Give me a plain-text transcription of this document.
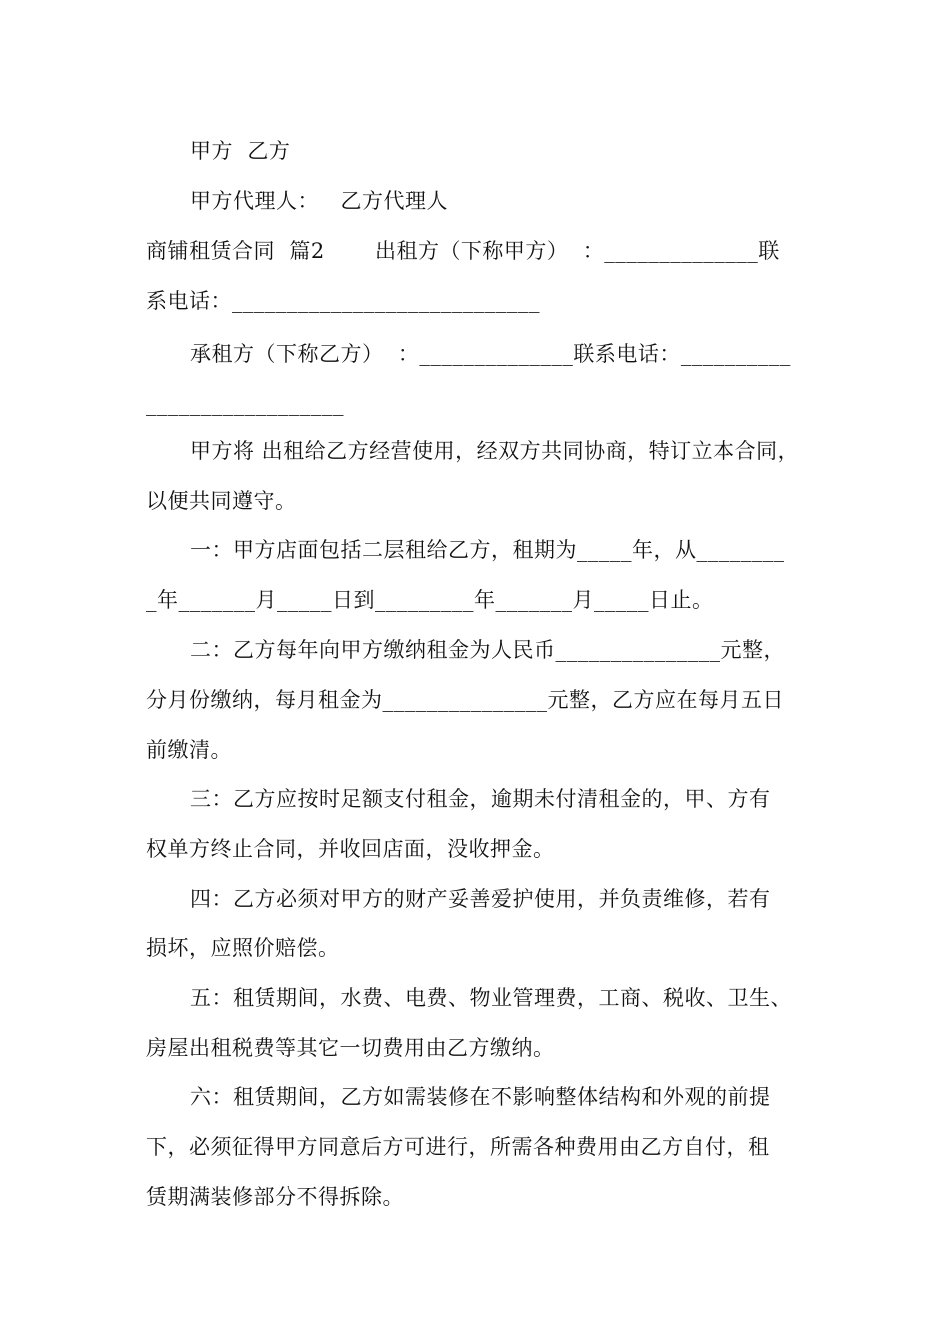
甲方  乙方
甲方代理人：   乙方代理人
商铺租赁合同  篇2       出租方（下称甲方）  ：______________联
系电话：____________________________
承租方（下称乙方）  ：______________联系电话：__________
__________________
甲方将 出租给乙方经营使用，经双方共同协商，特订立本合同，
以便共同遵守。
一：甲方店面包括二层租给乙方，租期为_____年，从________
_年_______月_____日到_________年_______月_____日止。
二：乙方每年向甲方缴纳租金为人民币_______________元整，
分月份缴纳，每月租金为_______________元整，乙方应在每月五日
前缴清。
三：乙方应按时足额支付租金，逾期未付清租金的，甲、方有
权单方终止合同，并收回店面，没收押金。
四：乙方必须对甲方的财产妥善爱护使用，并负责维修，若有
损坏，应照价赔偿。
五：租赁期间，水费、电费、物业管理费，工商、税收、卫生、
房屋出租税费等其它一切费用由乙方缴纳。
六：租赁期间，乙方如需装修在不影响整体结构和外观的前提
下，必须征得甲方同意后方可进行，所需各种费用由乙方自付，租
赁期满装修部分不得拆除。
